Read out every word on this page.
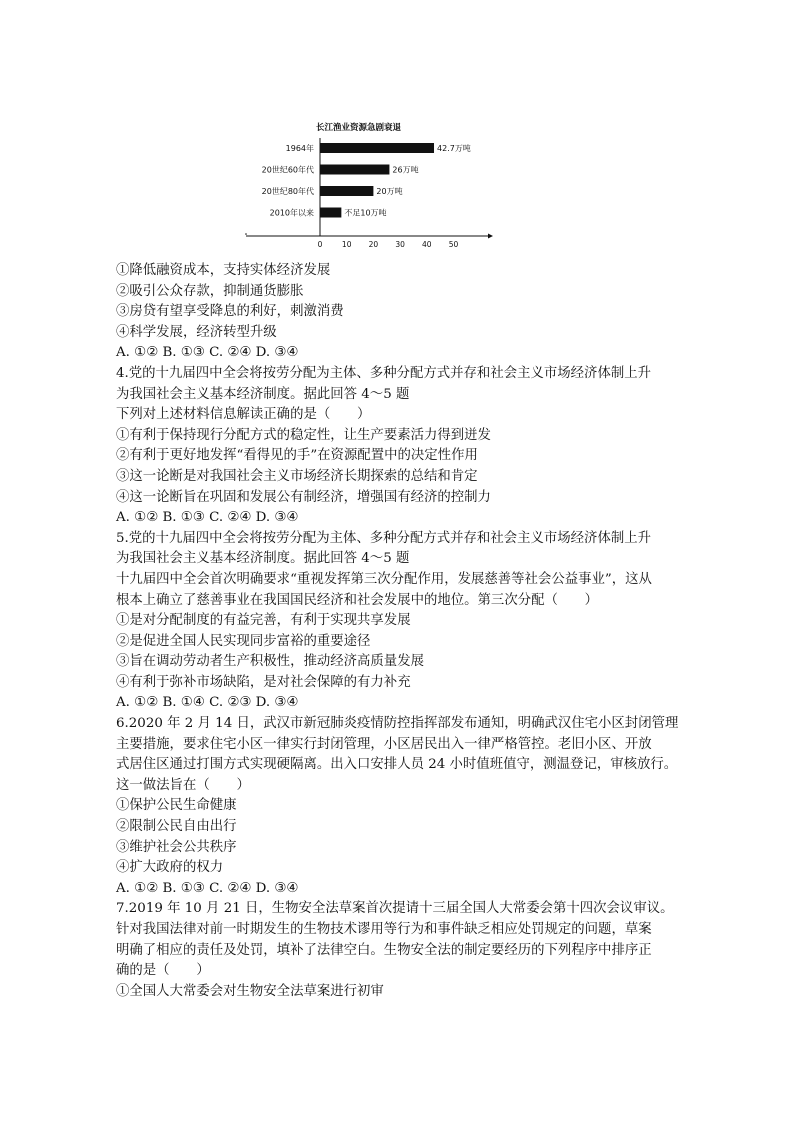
长江渔业资源急剧衰退
1964年	42.7万吨
20世纪60年代	26万吨
20世纪80年代	20万吨
2010年以来	不足10万吨
0	10 20 30 40 50
①降低融资成本，支持实体经济发展
②吸引公众存款，抑制通货膨胀
③房贷有望享受降息的利好，刺激消费
④科学发展，经济转型升级
A. ①② B. ①③ C. ②④ D. ③④
4.党的十九届四中全会将按劳分配为主体、多种分配方式并存和社会主义市场经济体制上升
为我国社会主义基本经济制度。据此回答 4～5 题
下列对上述材料信息解读正确的是（　　）
①有利于保持现行分配方式的稳定性，让生产要素活力得到迸发
②有利于更好地发挥“看得见的手”在资源配置中的决定性作用
③这一论断是对我国社会主义市场经济长期探索的总结和肯定
④这一论断旨在巩固和发展公有制经济，增强国有经济的控制力
A. ①② B. ①③ C. ②④ D. ③④
5.党的十九届四中全会将按劳分配为主体、多种分配方式并存和社会主义市场经济体制上升
为我国社会主义基本经济制度。据此回答 4～5 题
十九届四中全会首次明确要求“重视发挥第三次分配作用，发展慈善等社会公益事业”，这从
根本上确立了慈善事业在我国国民经济和社会发展中的地位。第三次分配（　　）
①是对分配制度的有益完善，有利于实现共享发展
②是促进全国人民实现同步富裕的重要途径
③旨在调动劳动者生产积极性，推动经济高质量发展
④有利于弥补市场缺陷，是对社会保障的有力补充
A. ①② B. ①④ C. ②③ D. ③④
6.2020 年 2 月 14 日，武汉市新冠肺炎疫情防控指挥部发布通知，明确武汉住宅小区封闭管理
主要措施，要求住宅小区一律实行封闭管理，小区居民出入一律严格管控。老旧小区、开放
式居住区通过打围方式实现硬隔离。出入口安排人员 24 小时值班值守，测温登记，审核放行。
这一做法旨在（　　）
①保护公民生命健康
②限制公民自由出行
③维护社会公共秩序
④扩大政府的权力
A. ①② B. ①③ C. ②④ D. ③④
7.2019 年 10 月 21 日，生物安全法草案首次提请十三届全国人大常委会第十四次会议审议。
针对我国法律对前一时期发生的生物技术谬用等行为和事件缺乏相应处罚规定的问题，草案
明确了相应的责任及处罚，填补了法律空白。生物安全法的制定要经历的下列程序中排序正
确的是（　　）
①全国人大常委会对生物安全法草案进行初审
